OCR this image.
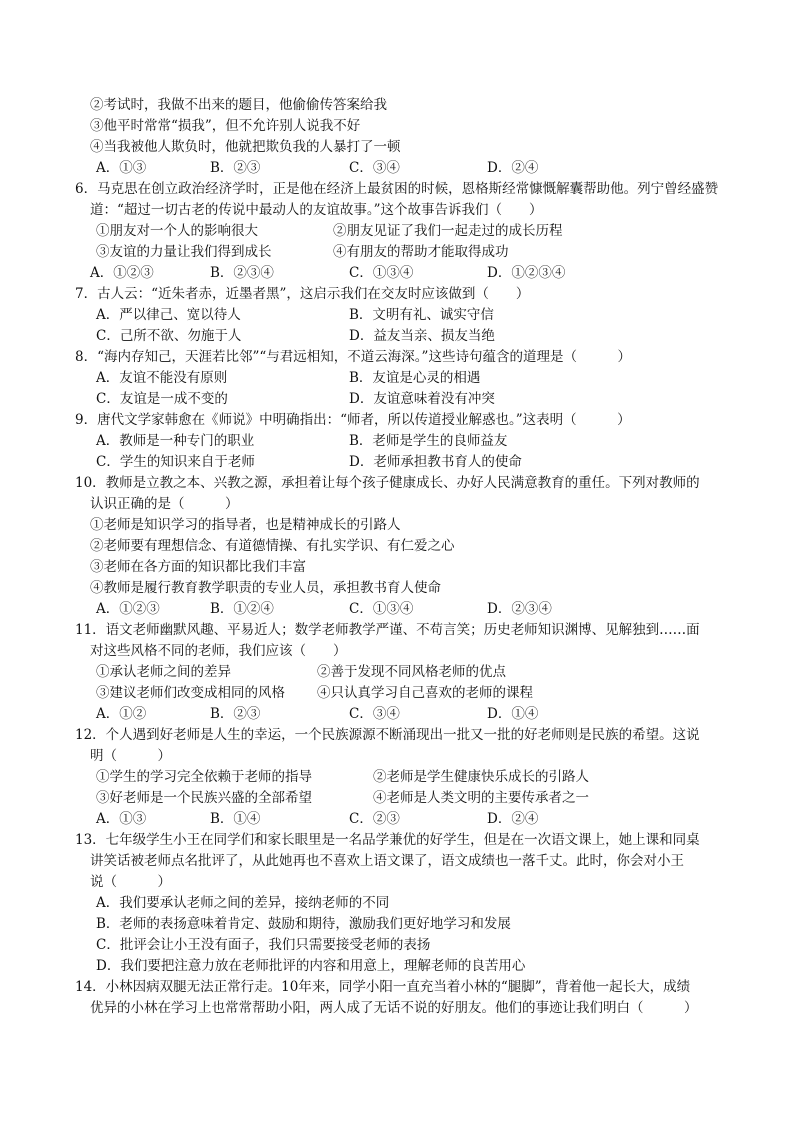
②考试时，我做不出来的题目，他偷偷传答案给我
③他平时常常“损我”，但不允许别人说我不好
④当我被他人欺负时，他就把欺负我的人暴打了一顿
A．①③	B．②③	C．③④	D．②④
6．马克思在创立政治经济学时，正是他在经济上最贫困的时候，恩格斯经常慷慨解囊帮助他。列宁曾经盛赞
道：“超过一切古老的传说中最动人的友谊故事。”这个故事告诉我们（　　）
①朋友对一个人的影响很大	②朋友见证了我们一起走过的成长历程
③友谊的力量让我们得到成长	④有朋友的帮助才能取得成功
A．①②③	B．②③④	C．①③④	D．①②③④
7．古人云：“近朱者赤，近墨者黑”，这启示我们在交友时应该做到（　　）
A．严以律己、宽以待人	B．文明有礼、诚实守信
C．己所不欲、勿施于人	D．益友当亲、损友当绝
8．“海内存知己，天涯若比邻”“与君远相知，不道云海深。”这些诗句蕴含的道理是（　　　）
A．友谊不能没有原则	B．友谊是心灵的相遇
C．友谊是一成不变的	D．友谊意味着没有冲突
9．唐代文学家韩愈在《师说》中明确指出：“师者，所以传道授业解惑也。”这表明（　　　）
A．教师是一种专门的职业	B．老师是学生的良师益友
C．学生的知识来自于老师	D．老师承担教书育人的使命
10．教师是立教之本、兴教之源，承担着让每个孩子健康成长、办好人民满意教育的重任。下列对教师的
认识正确的是（　　　）
①老师是知识学习的指导者，也是精神成长的引路人
②老师要有理想信念、有道德情操、有扎实学识、有仁爱之心
③老师在各方面的知识都比我们丰富
④教师是履行教育教学职责的专业人员，承担教书育人使命
A．①②③	B．①②④	C．①③④	D．②③④
11．语文老师幽默风趣、平易近人；数学老师教学严谨、不苟言笑；历史老师知识渊博、见解独到……面
对这些风格不同的老师，我们应该（　　）
①承认老师之间的差异	②善于发现不同风格老师的优点
③建议老师们改变成相同的风格 ④只认真学习自己喜欢的老师的课程
A．①②	B．②③	C．③④	D．①④
12．个人遇到好老师是人生的幸运，一个民族源源不断涌现出一批又一批的好老师则是民族的希望。这说
明（　　　）
①学生的学习完全依赖于老师的指导	②老师是学生健康快乐成长的引路人
③好老师是一个民族兴盛的全部希望	④老师是人类文明的主要传承者之一
A．①③	B．①④	C．②③	D．②④
13．七年级学生小王在同学们和家长眼里是一名品学兼优的好学生，但是在一次语文课上，她上课和同桌
讲笑话被老师点名批评了，从此她再也不喜欢上语文课了，语文成绩也一落千丈。此时，你会对小王
说（　　　）
A．我们要承认老师之间的差异，接纳老师的不同
B．老师的表扬意味着肯定、鼓励和期待，激励我们更好地学习和发展
C．批评会让小王没有面子，我们只需要接受老师的表扬
D．我们要把注意力放在老师批评的内容和用意上，理解老师的良苦用心
14．小林因病双腿无法正常行走。10年来，同学小阳一直充当着小林的“腿脚”，背着他一起长大，成绩
优异的小林在学习上也常常帮助小阳，两人成了无话不说的好朋友。他们的事迹让我们明白（　　　）
